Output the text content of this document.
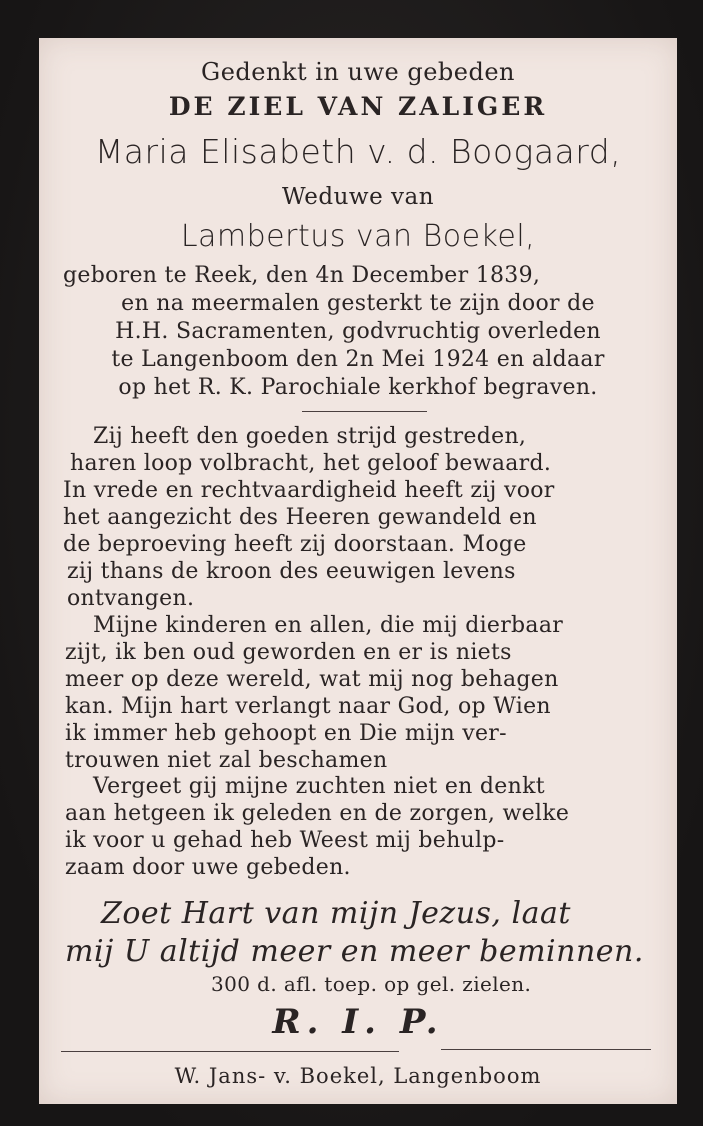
Gedenkt in uwe gebeden
DE ZIEL VAN ZALIGER
Maria Elisabeth v. d. Boogaard,
Weduwe van
Lambertus van Boekel,
geboren te Reek, den 4n December 1839,
en na meermalen gesterkt te zijn door de
H.H. Sacramenten, godvruchtig overleden
te Langenboom den 2n Mei 1924 en aldaar
op het R. K. Parochiale kerkhof begraven.
Zij heeft den goeden strijd gestreden,
haren loop volbracht, het geloof bewaard.
In vrede en rechtvaardigheid heeft zij voor
het aangezicht des Heeren gewandeld en
de beproeving heeft zij doorstaan. Moge
zij thans de kroon des eeuwigen levens
ontvangen.
Mijne kinderen en allen, die mij dierbaar
zijt, ik ben oud geworden en er is niets
meer op deze wereld, wat mij nog behagen
kan. Mijn hart verlangt naar God, op Wien
ik immer heb gehoopt en Die mijn ver-
trouwen niet zal beschamen
Vergeet gij mijne zuchten niet en denkt
aan hetgeen ik geleden en de zorgen, welke
ik voor u gehad heb Weest mij behulp-
zaam door uwe gebeden.
Zoet Hart van mijn Jezus, laat
mij U altijd meer en meer beminnen.
300 d. afl. toep. op gel. zielen.
R. I. P.
W. Jans- v. Boekel, Langenboom
